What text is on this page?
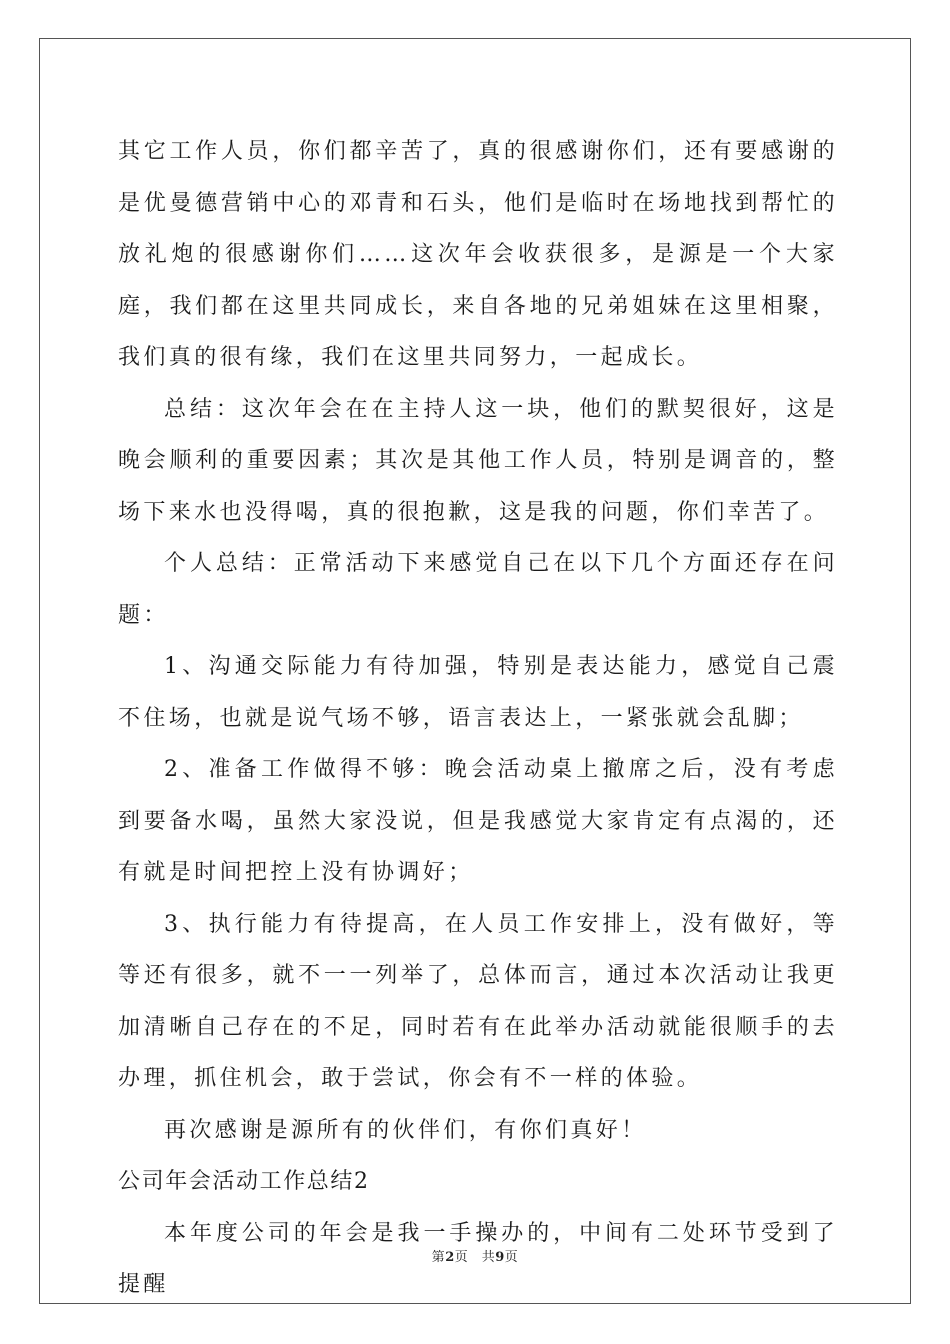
其它工作人员，你们都辛苦了，真的很感谢你们，还有要感谢的是优曼德营销中心的邓青和石头，他们是临时在场地找到帮忙的放礼炮的很感谢你们……这次年会收获很多，是源是一个大家庭，我们都在这里共同成长，来自各地的兄弟姐妹在这里相聚，我们真的很有缘，我们在这里共同努力，一起成长。

总结：这次年会在在主持人这一块，他们的默契很好，这是晚会顺利的重要因素；其次是其他工作人员，特别是调音的，整场下来水也没得喝，真的很抱歉，这是我的问题，你们幸苦了。

个人总结：正常活动下来感觉自己在以下几个方面还存在问题：

1、沟通交际能力有待加强，特别是表达能力，感觉自己震不住场，也就是说气场不够，语言表达上，一紧张就会乱脚；

2、准备工作做得不够：晚会活动桌上撤席之后，没有考虑到要备水喝，虽然大家没说，但是我感觉大家肯定有点渴的，还有就是时间把控上没有协调好；

3、执行能力有待提高，在人员工作安排上，没有做好，等等还有很多，就不一一列举了，总体而言，通过本次活动让我更加清晰自己存在的不足，同时若有在此举办活动就能很顺手的去办理，抓住机会，敢于尝试，你会有不一样的体验。

再次感谢是源所有的伙伴们，有你们真好！

公司年会活动工作总结2

本年度公司的年会是我一手操办的，中间有二处环节受到了提醒

第2页　共9页
